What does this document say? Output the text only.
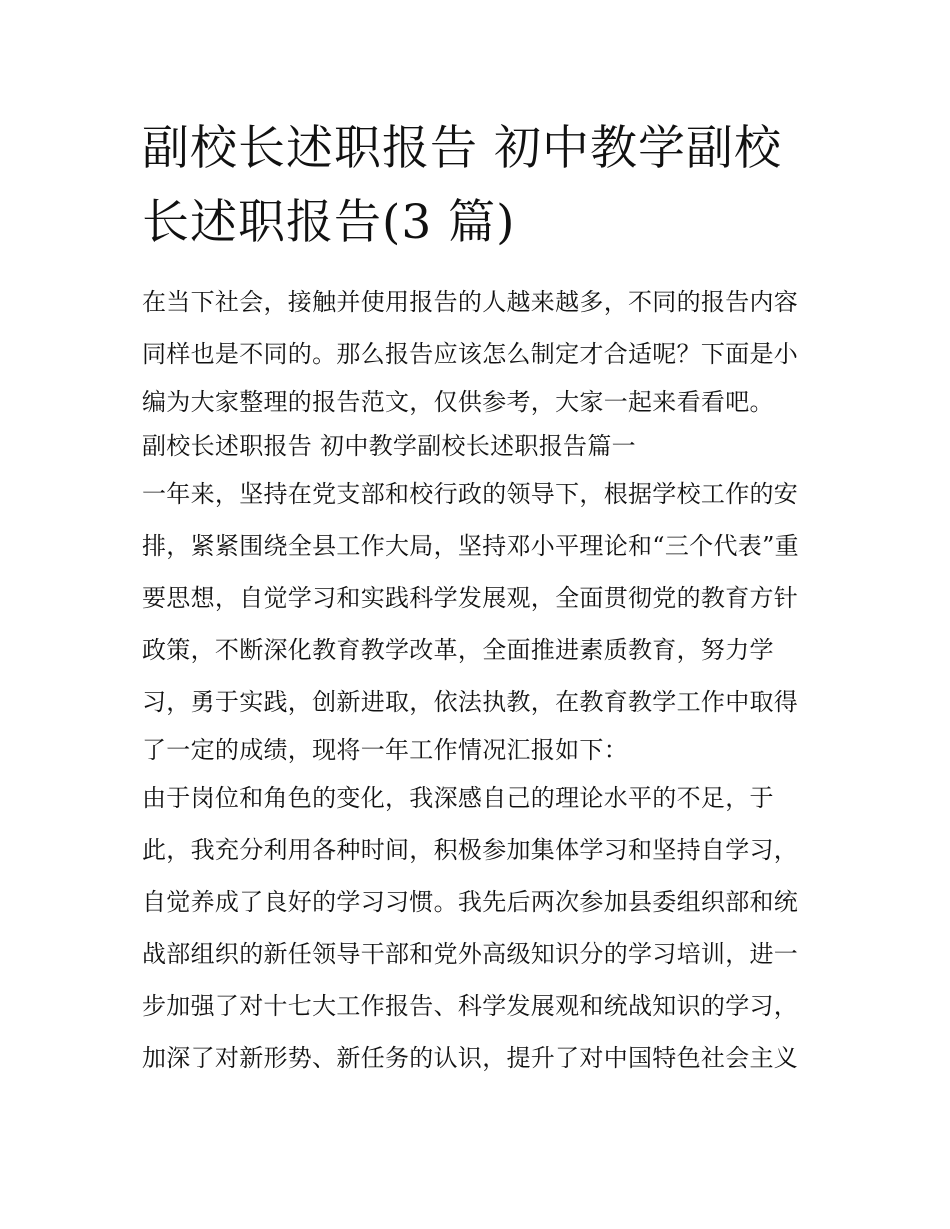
副校长述职报告 初中教学副校
长述职报告(3 篇)
在当下社会，接触并使用报告的人越来越多，不同的报告内容
同样也是不同的。那么报告应该怎么制定才合适呢？下面是小
编为大家整理的报告范文，仅供参考，大家一起来看看吧。
副校长述职报告 初中教学副校长述职报告篇一
一年来，坚持在党支部和校行政的领导下，根据学校工作的安
排，紧紧围绕全县工作大局，坚持邓小平理论和“三个代表”重
要思想，自觉学习和实践科学发展观，全面贯彻党的教育方针
政策，不断深化教育教学改革，全面推进素质教育，努力学
习，勇于实践，创新进取，依法执教，在教育教学工作中取得
了一定的成绩，现将一年工作情况汇报如下：
由于岗位和角色的变化，我深感自己的理论水平的不足，于
此，我充分利用各种时间，积极参加集体学习和坚持自学习，
自觉养成了良好的学习习惯。我先后两次参加县委组织部和统
战部组织的新任领导干部和党外高级知识分的学习培训，进一
步加强了对十七大工作报告、科学发展观和统战知识的学习，
加深了对新形势、新任务的认识，提升了对中国特色社会主义
